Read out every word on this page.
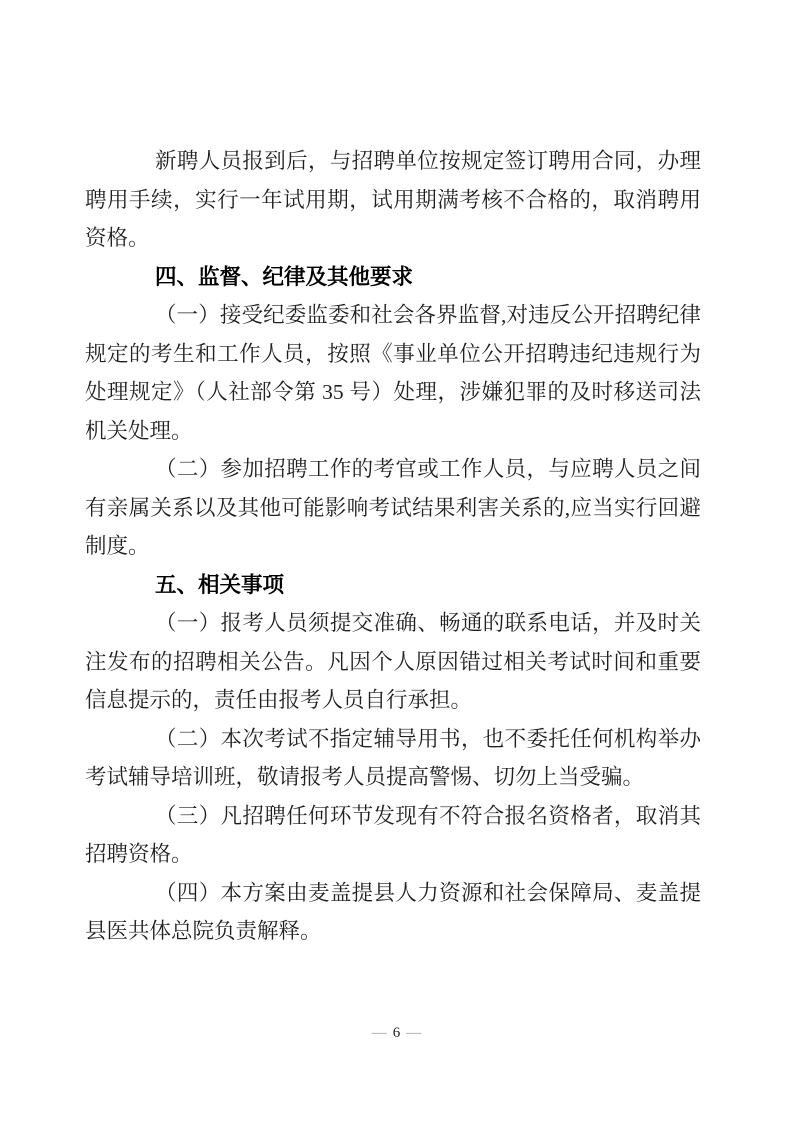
新聘人员报到后，与招聘单位按规定签订聘用合同，办理聘用手续，实行一年试用期，试用期满考核不合格的，取消聘用资格。

四、监督、纪律及其他要求

（一）接受纪委监委和社会各界监督,对违反公开招聘纪律规定的考生和工作人员，按照《事业单位公开招聘违纪违规行为处理规定》（人社部令第 35 号）处理，涉嫌犯罪的及时移送司法机关处理。

（二）参加招聘工作的考官或工作人员，与应聘人员之间有亲属关系以及其他可能影响考试结果利害关系的,应当实行回避制度。

五、相关事项

（一）报考人员须提交准确、畅通的联系电话，并及时关注发布的招聘相关公告。凡因个人原因错过相关考试时间和重要信息提示的，责任由报考人员自行承担。

（二）本次考试不指定辅导用书，也不委托任何机构举办考试辅导培训班，敬请报考人员提高警惕、切勿上当受骗。

（三）凡招聘任何环节发现有不符合报名资格者，取消其招聘资格。

（四）本方案由麦盖提县人力资源和社会保障局、麦盖提县医共体总院负责解释。

— 6 —
